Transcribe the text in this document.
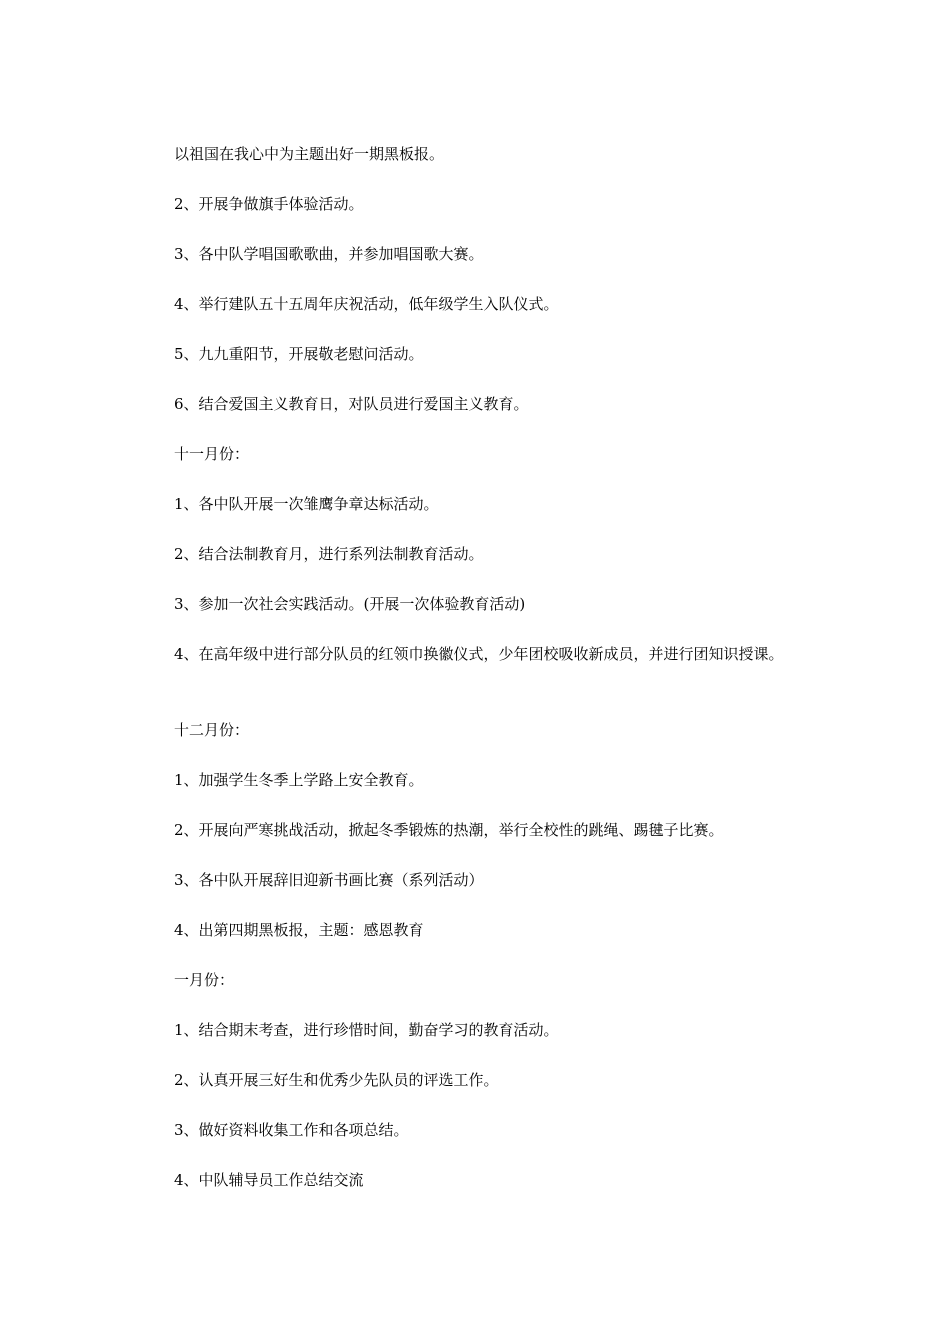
以祖国在我心中为主题出好一期黑板报。

2、开展争做旗手体验活动。

3、各中队学唱国歌歌曲，并参加唱国歌大赛。

4、举行建队五十五周年庆祝活动，低年级学生入队仪式。

5、九九重阳节，开展敬老慰问活动。

6、结合爱国主义教育日，对队员进行爱国主义教育。

十一月份：

1、各中队开展一次雏鹰争章达标活动。

2、结合法制教育月，进行系列法制教育活动。

3、参加一次社会实践活动。(开展一次体验教育活动)

4、在高年级中进行部分队员的红领巾换徽仪式，少年团校吸收新成员，并进行团知识授课。

十二月份：

1、加强学生冬季上学路上安全教育。

2、开展向严寒挑战活动，掀起冬季锻炼的热潮，举行全校性的跳绳、踢毽子比赛。

3、各中队开展辞旧迎新书画比赛（系列活动）

4、出第四期黑板报，主题：感恩教育

一月份：

1、结合期末考查，进行珍惜时间，勤奋学习的教育活动。

2、认真开展三好生和优秀少先队员的评选工作。

3、做好资料收集工作和各项总结。

4、中队辅导员工作总结交流
